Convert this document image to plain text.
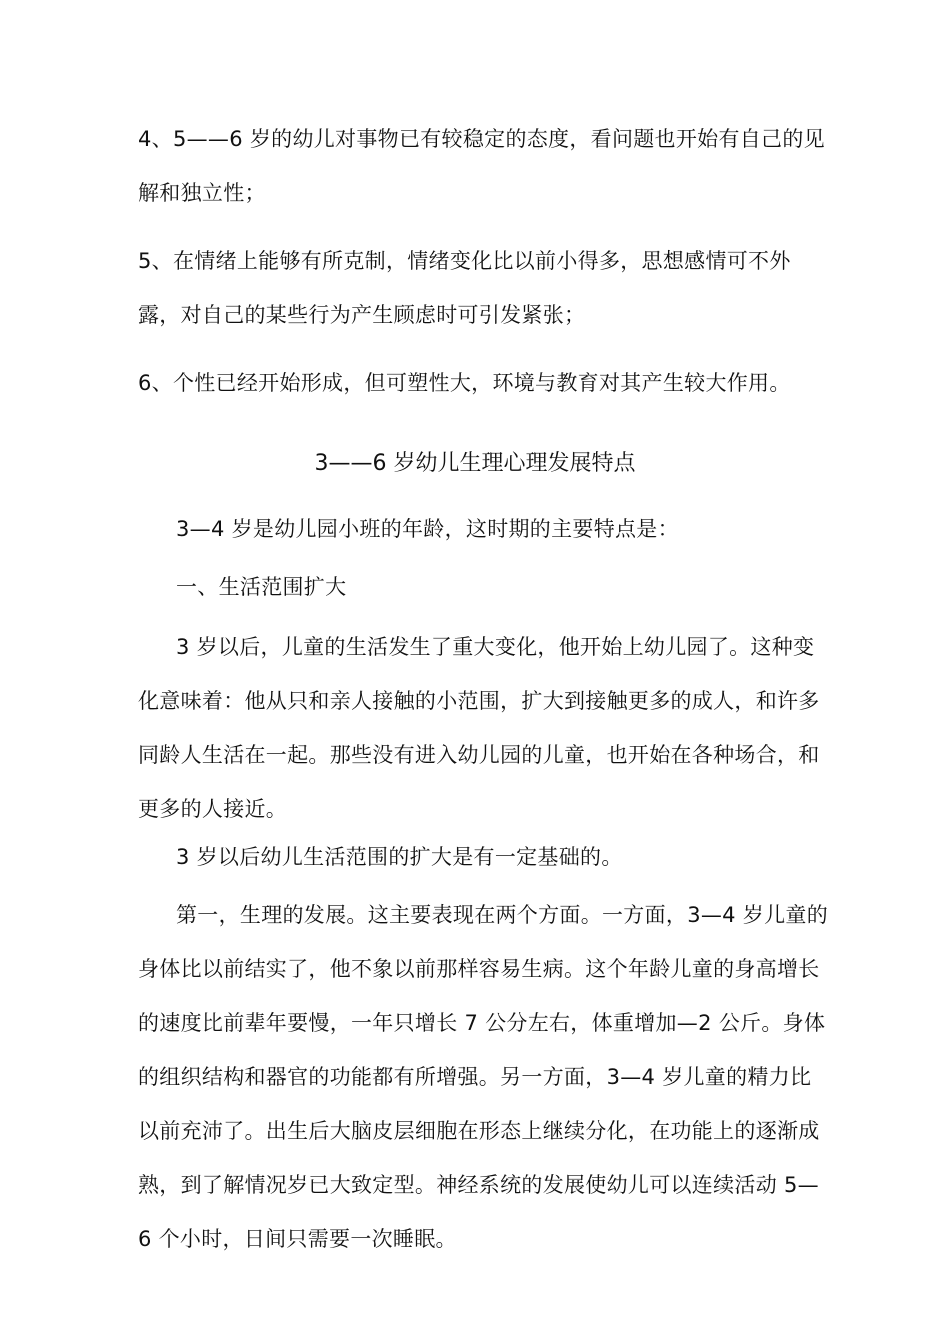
4、5——6 岁的幼儿对事物已有较稳定的态度，看问题也开始有自己的见解和独立性；

5、在情绪上能够有所克制，情绪变化比以前小得多，思想感情可不外露，对自己的某些行为产生顾虑时可引发紧张；

6、个性已经开始形成，但可塑性大，环境与教育对其产生较大作用。

3——6 岁幼儿生理心理发展特点

3—4 岁是幼儿园小班的年龄，这时期的主要特点是：

一、生活范围扩大

3 岁以后，儿童的生活发生了重大变化，他开始上幼儿园了。这种变化意味着：他从只和亲人接触的小范围，扩大到接触更多的成人，和许多同龄人生活在一起。那些没有进入幼儿园的儿童，也开始在各种场合，和更多的人接近。

3 岁以后幼儿生活范围的扩大是有一定基础的。

第一，生理的发展。这主要表现在两个方面。一方面，3—4 岁儿童的身体比以前结实了，他不象以前那样容易生病。这个年龄儿童的身高增长的速度比前辈年要慢，一年只增长 7 公分左右，体重增加—2 公斤。身体的组织结构和器官的功能都有所增强。另一方面，3—4 岁儿童的精力比以前充沛了。出生后大脑皮层细胞在形态上继续分化，在功能上的逐渐成熟，到了解情况岁已大致定型。神经系统的发展使幼儿可以连续活动 5—6 个小时，日间只需要一次睡眠。
